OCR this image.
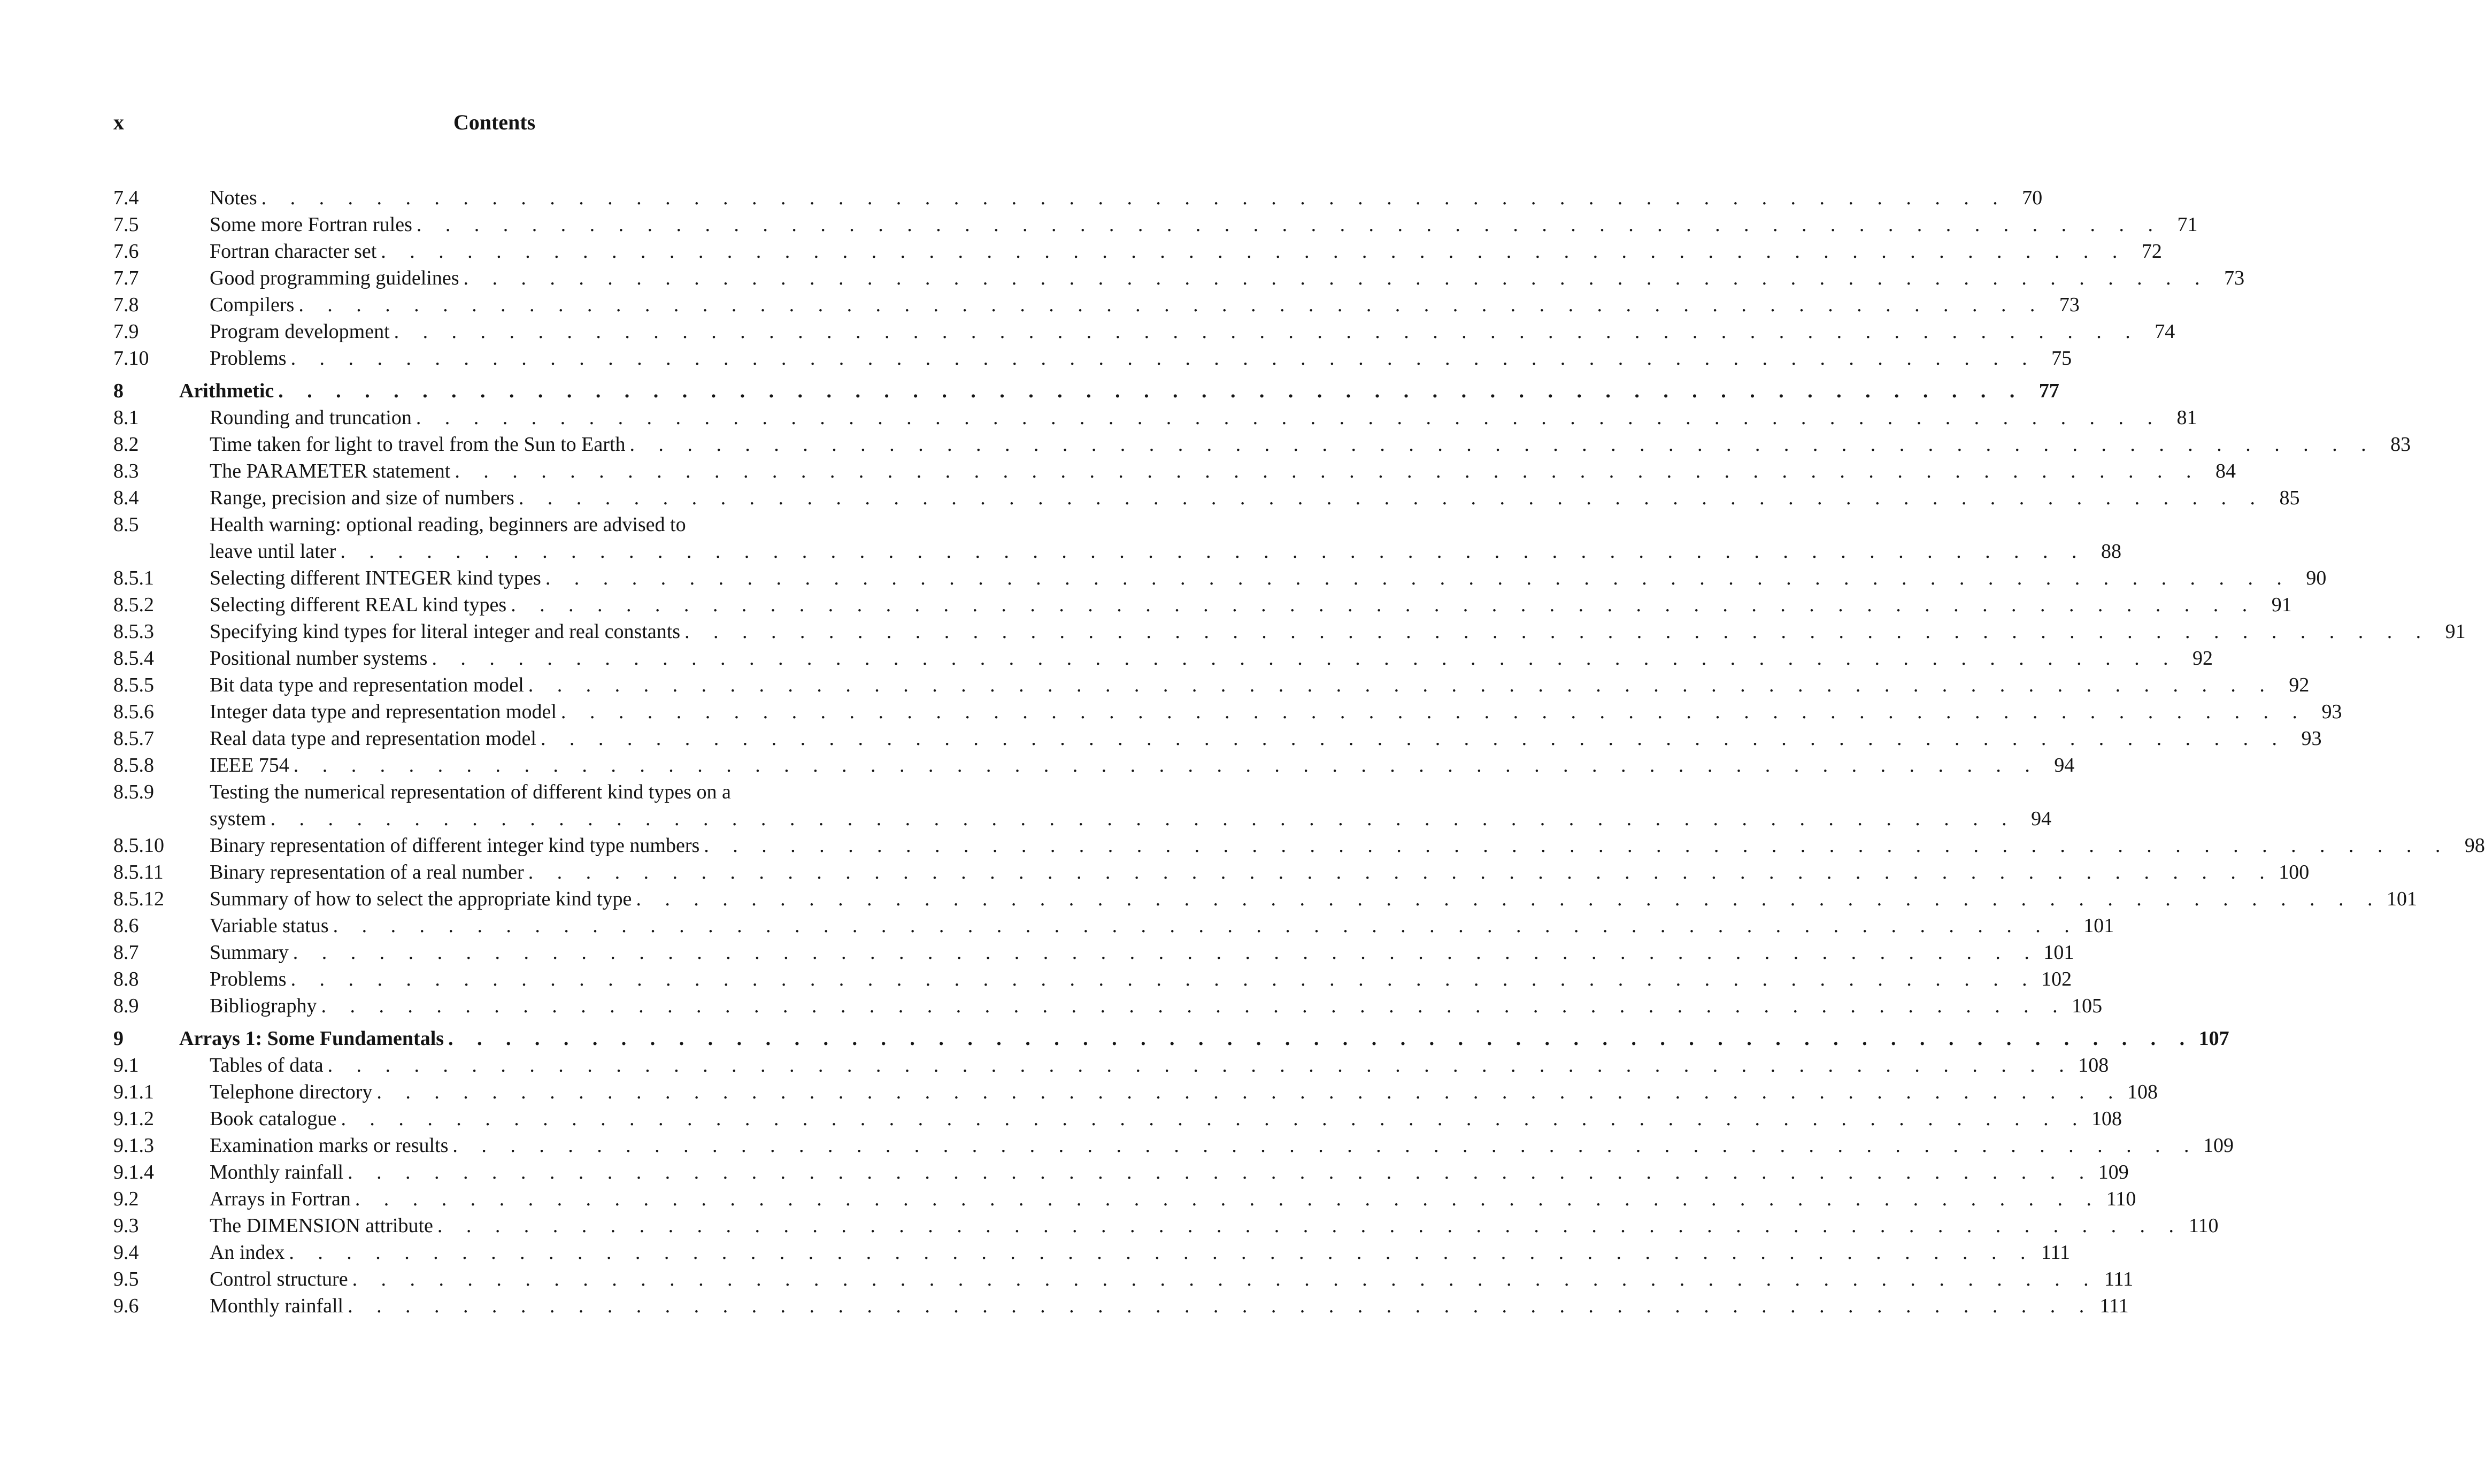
x	Contents
7.4	Notes . . . . . . . . . . . . . . . . . . . . . . . . . . . . . . . . . . . . . . . . . . . . . . . . . . . . . . . . . . . . . 70
7.5	Some more Fortran rules . . . . . . . . . . . . . . . . . . . . . . . . . . . . . . . . . . . . . . . . . . . . . . . . . . . . . . . . . . . . . 71
7.6	Fortran character set . . . . . . . . . . . . . . . . . . . . . . . . . . . . . . . . . . . . . . . . . . . . . . . . . . . . . . . . . . . . . 72
7.7	Good programming guidelines . . . . . . . . . . . . . . . . . . . . . . . . . . . . . . . . . . . . . . . . . . . . . . . . . . . . . . . . . . . . . 73
7.8	Compilers . . . . . . . . . . . . . . . . . . . . . . . . . . . . . . . . . . . . . . . . . . . . . . . . . . . . . . . . . . . . . 73
7.9	Program development . . . . . . . . . . . . . . . . . . . . . . . . . . . . . . . . . . . . . . . . . . . . . . . . . . . . . . . . . . . . . 74
7.10	Problems . . . . . . . . . . . . . . . . . . . . . . . . . . . . . . . . . . . . . . . . . . . . . . . . . . . . . . . . . . . . . 75
8	Arithmetic . . . . . . . . . . . . . . . . . . . . . . . . . . . . . . . . . . . . . . . . . . . . . . . . . . . . . . . . . . . . . 77
8.1	Rounding and truncation . . . . . . . . . . . . . . . . . . . . . . . . . . . . . . . . . . . . . . . . . . . . . . . . . . . . . . . . . . . . . 81
8.2	Time taken for light to travel from the Sun to Earth . . . . . . . . . . . . . . . . . . . . . . . . . . . . . . . . . . . . . . . . . . . . . . . . . . . . . . . . . . . . . 83
8.3	The PARAMETER statement . . . . . . . . . . . . . . . . . . . . . . . . . . . . . . . . . . . . . . . . . . . . . . . . . . . . . . . . . . . . . 84
8.4	Range, precision and size of numbers . . . . . . . . . . . . . . . . . . . . . . . . . . . . . . . . . . . . . . . . . . . . . . . . . . . . . . . . . . . . . 85
8.5	Health warning: optional reading, beginners are advised to
leave until later . . . . . . . . . . . . . . . . . . . . . . . . . . . . . . . . . . . . . . . . . . . . . . . . . . . . . . . . . . . . . 88
8.5.1	Selecting different INTEGER kind types . . . . . . . . . . . . . . . . . . . . . . . . . . . . . . . . . . . . . . . . . . . . . . . . . . . . . . . . . . . . . 90
8.5.2	Selecting different REAL kind types . . . . . . . . . . . . . . . . . . . . . . . . . . . . . . . . . . . . . . . . . . . . . . . . . . . . . . . . . . . . . 91
8.5.3	Specifying kind types for literal integer and real constants . . . . . . . . . . . . . . . . . . . . . . . . . . . . . . . . . . . . . . . . . . . . . . . . . . . . . . . . . . . . . 91
8.5.4	Positional number systems . . . . . . . . . . . . . . . . . . . . . . . . . . . . . . . . . . . . . . . . . . . . . . . . . . . . . . . . . . . . . 92
8.5.5	Bit data type and representation model . . . . . . . . . . . . . . . . . . . . . . . . . . . . . . . . . . . . . . . . . . . . . . . . . . . . . . . . . . . . . 92
8.5.6	Integer data type and representation model . . . . . . . . . . . . . . . . . . . . . . . . . . . . . . . . . . . . . . . . . . . . . . . . . . . . . . . . . . . . . 93
8.5.7	Real data type and representation model . . . . . . . . . . . . . . . . . . . . . . . . . . . . . . . . . . . . . . . . . . . . . . . . . . . . . . . . . . . . . 93
8.5.8	IEEE 754 . . . . . . . . . . . . . . . . . . . . . . . . . . . . . . . . . . . . . . . . . . . . . . . . . . . . . . . . . . . . . 94
8.5.9	Testing the numerical representation of different kind types on a
system . . . . . . . . . . . . . . . . . . . . . . . . . . . . . . . . . . . . . . . . . . . . . . . . . . . . . . . . . . . . . 94
8.5.10	Binary representation of different integer kind type numbers . . . . . . . . . . . . . . . . . . . . . . . . . . . . . . . . . . . . . . . . . . . . . . . . . . . . . . . . . . . . . 98
8.5.11	Binary representation of a real number . . . . . . . . . . . . . . . . . . . . . . . . . . . . . . . . . . . . . . . . . . . . . . . . . . . . . . . . . . . . . 100
8.5.12	Summary of how to select the appropriate kind type . . . . . . . . . . . . . . . . . . . . . . . . . . . . . . . . . . . . . . . . . . . . . . . . . . . . . . . . . . . . . 101
8.6	Variable status . . . . . . . . . . . . . . . . . . . . . . . . . . . . . . . . . . . . . . . . . . . . . . . . . . . . . . . . . . . . . 101
8.7	Summary . . . . . . . . . . . . . . . . . . . . . . . . . . . . . . . . . . . . . . . . . . . . . . . . . . . . . . . . . . . . . 101
8.8	Problems . . . . . . . . . . . . . . . . . . . . . . . . . . . . . . . . . . . . . . . . . . . . . . . . . . . . . . . . . . . . . 102
8.9	Bibliography . . . . . . . . . . . . . . . . . . . . . . . . . . . . . . . . . . . . . . . . . . . . . . . . . . . . . . . . . . . . . 105
9	Arrays 1: Some Fundamentals . . . . . . . . . . . . . . . . . . . . . . . . . . . . . . . . . . . . . . . . . . . . . . . . . . . . . . . . . . . . . 107
9.1	Tables of data . . . . . . . . . . . . . . . . . . . . . . . . . . . . . . . . . . . . . . . . . . . . . . . . . . . . . . . . . . . . . 108
9.1.1	Telephone directory . . . . . . . . . . . . . . . . . . . . . . . . . . . . . . . . . . . . . . . . . . . . . . . . . . . . . . . . . . . . . 108
9.1.2	Book catalogue . . . . . . . . . . . . . . . . . . . . . . . . . . . . . . . . . . . . . . . . . . . . . . . . . . . . . . . . . . . . . 108
9.1.3	Examination marks or results . . . . . . . . . . . . . . . . . . . . . . . . . . . . . . . . . . . . . . . . . . . . . . . . . . . . . . . . . . . . . 109
9.1.4	Monthly rainfall . . . . . . . . . . . . . . . . . . . . . . . . . . . . . . . . . . . . . . . . . . . . . . . . . . . . . . . . . . . . . 109
9.2	Arrays in Fortran . . . . . . . . . . . . . . . . . . . . . . . . . . . . . . . . . . . . . . . . . . . . . . . . . . . . . . . . . . . . . 110
9.3	The DIMENSION attribute . . . . . . . . . . . . . . . . . . . . . . . . . . . . . . . . . . . . . . . . . . . . . . . . . . . . . . . . . . . . . 110
9.4	An index . . . . . . . . . . . . . . . . . . . . . . . . . . . . . . . . . . . . . . . . . . . . . . . . . . . . . . . . . . . . . 111
9.5	Control structure . . . . . . . . . . . . . . . . . . . . . . . . . . . . . . . . . . . . . . . . . . . . . . . . . . . . . . . . . . . . . 111
9.6	Monthly rainfall . . . . . . . . . . . . . . . . . . . . . . . . . . . . . . . . . . . . . . . . . . . . . . . . . . . . . . . . . . . . . 111
